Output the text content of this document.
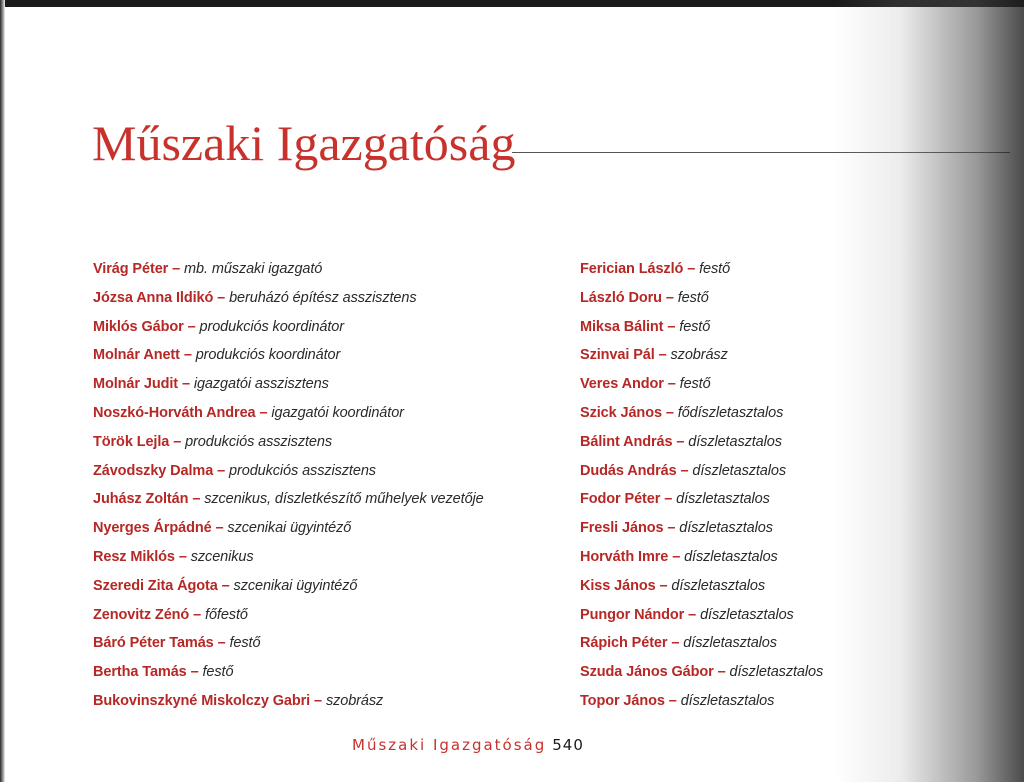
Műszaki Igazgatóság
Virág Péter – mb. műszaki igazgató
Józsa Anna Ildikó – beruházó építész asszisztens
Miklós Gábor – produkciós koordinátor
Molnár Anett – produkciós koordinátor
Molnár Judit – igazgatói asszisztens
Noszkó-Horváth Andrea – igazgatói koordinátor
Török Lejla – produkciós asszisztens
Závodszky Dalma – produkciós asszisztens
Juhász Zoltán – szcenikus, díszletkészítő műhelyek vezetője
Nyerges Árpádné – szcenikai ügyintéző
Resz Miklós – szcenikus
Szeredi Zita Ágota – szcenikai ügyintéző
Zenovitz Zénó – főfestő
Báró Péter Tamás – festő
Bertha Tamás – festő
Bukovinszkyné Miskolczy Gabri – szobrász
Ferician László – festő
László Doru – festő
Miksa Bálint – festő
Szinvai Pál – szobrász
Veres Andor – festő
Szick János – fődíszletasztalos
Bálint András – díszletasztalos
Dudás András – díszletasztalos
Fodor Péter – díszletasztalos
Fresli János – díszletasztalos
Horváth Imre – díszletasztalos
Kiss János – díszletasztalos
Pungor Nándor – díszletasztalos
Rápich Péter – díszletasztalos
Szuda János Gábor – díszletasztalos
Topor János – díszletasztalos
Műszaki Igazgatóság 540
